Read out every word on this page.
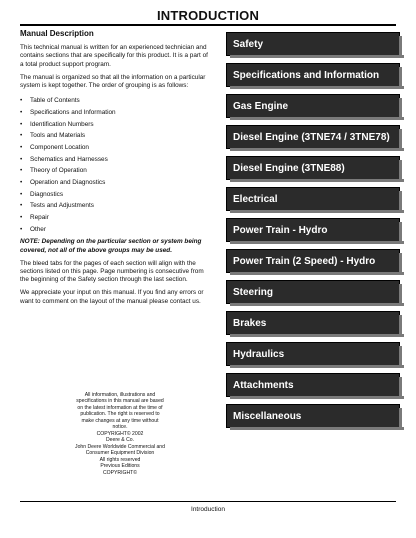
INTRODUCTION
Manual Description

This technical manual is written for an experienced technician and contains sections that are specifically for this product. It is a part of a total product support program.

The manual is organized so that all the information on a particular system is kept together. The order of grouping is as follows:

• Table of Contents
• Specifications and Information
• Identification Numbers
• Tools and Materials
• Component Location
• Schematics and Harnesses
• Theory of Operation
• Operation and Diagnostics
• Diagnostics
• Tests and Adjustments
• Repair
• Other

NOTE: Depending on the particular section or system being covered, not all of the above groups may be used.

The bleed tabs for the pages of each section will align with the sections listed on this page. Page numbering is consecutive from the beginning of the Safety section through the last section.

We appreciate your input on this manual. If you find any errors or want to comment on the layout of the manual please contact us.

All information, illustrations and
specifications in this manual are based
on the latest information at the time of
publication. The right is reserved to
make changes at any time without
notice.
COPYRIGHT© 2002
Deere & Co.
John Deere Worldwide Commercial and
Consumer Equipment Division
All rights reserved
Previous Editions
COPYRIGHT©
Safety
Specifications and Information
Gas Engine
Diesel Engine (3TNE74 / 3TNE78)
Diesel Engine (3TNE88)
Electrical
Power Train - Hydro
Power Train (2 Speed) - Hydro
Steering
Brakes
Hydraulics
Attachments
Miscellaneous
Introduction
